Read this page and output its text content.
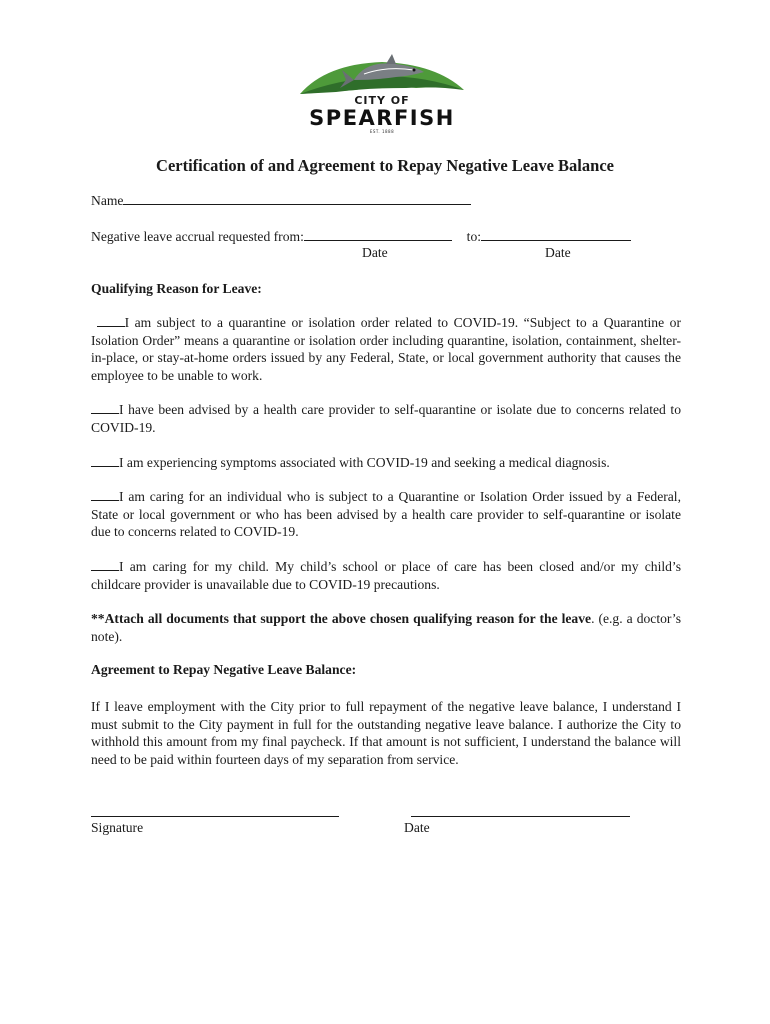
CITY OF
SPEARFISH
EST. 1888
Certification of and Agreement to Repay Negative Leave Balance
Name
Negative leave accrual requested from:	to:
Date	Date
Qualifying Reason for Leave:
I am subject to a quarantine or isolation order related to COVID-19. “Subject to a Quarantine or Isolation Order” means a quarantine or isolation order including quarantine, isolation, containment, shelter-in-place, or stay-at-home orders issued by any Federal, State, or local government authority that causes the employee to be unable to work.
I have been advised by a health care provider to self-quarantine or isolate due to concerns related to COVID-19.
I am experiencing symptoms associated with COVID-19 and seeking a medical diagnosis.
I am caring for an individual who is subject to a Quarantine or Isolation Order issued by a Federal, State or local government or who has been advised by a health care provider to self-quarantine or isolate due to concerns related to COVID-19.
I am caring for my child. My child’s school or place of care has been closed and/or my child’s childcare provider is unavailable due to COVID-19 precautions.
**Attach all documents that support the above chosen qualifying reason for the leave. (e.g. a doctor’s note).
Agreement to Repay Negative Leave Balance:
If I leave employment with the City prior to full repayment of the negative leave balance, I understand I must submit to the City payment in full for the outstanding negative leave balance. I authorize the City to withhold this amount from my final paycheck. If that amount is not sufficient, I understand the balance will need to be paid within fourteen days of my separation from service.
Signature	Date
